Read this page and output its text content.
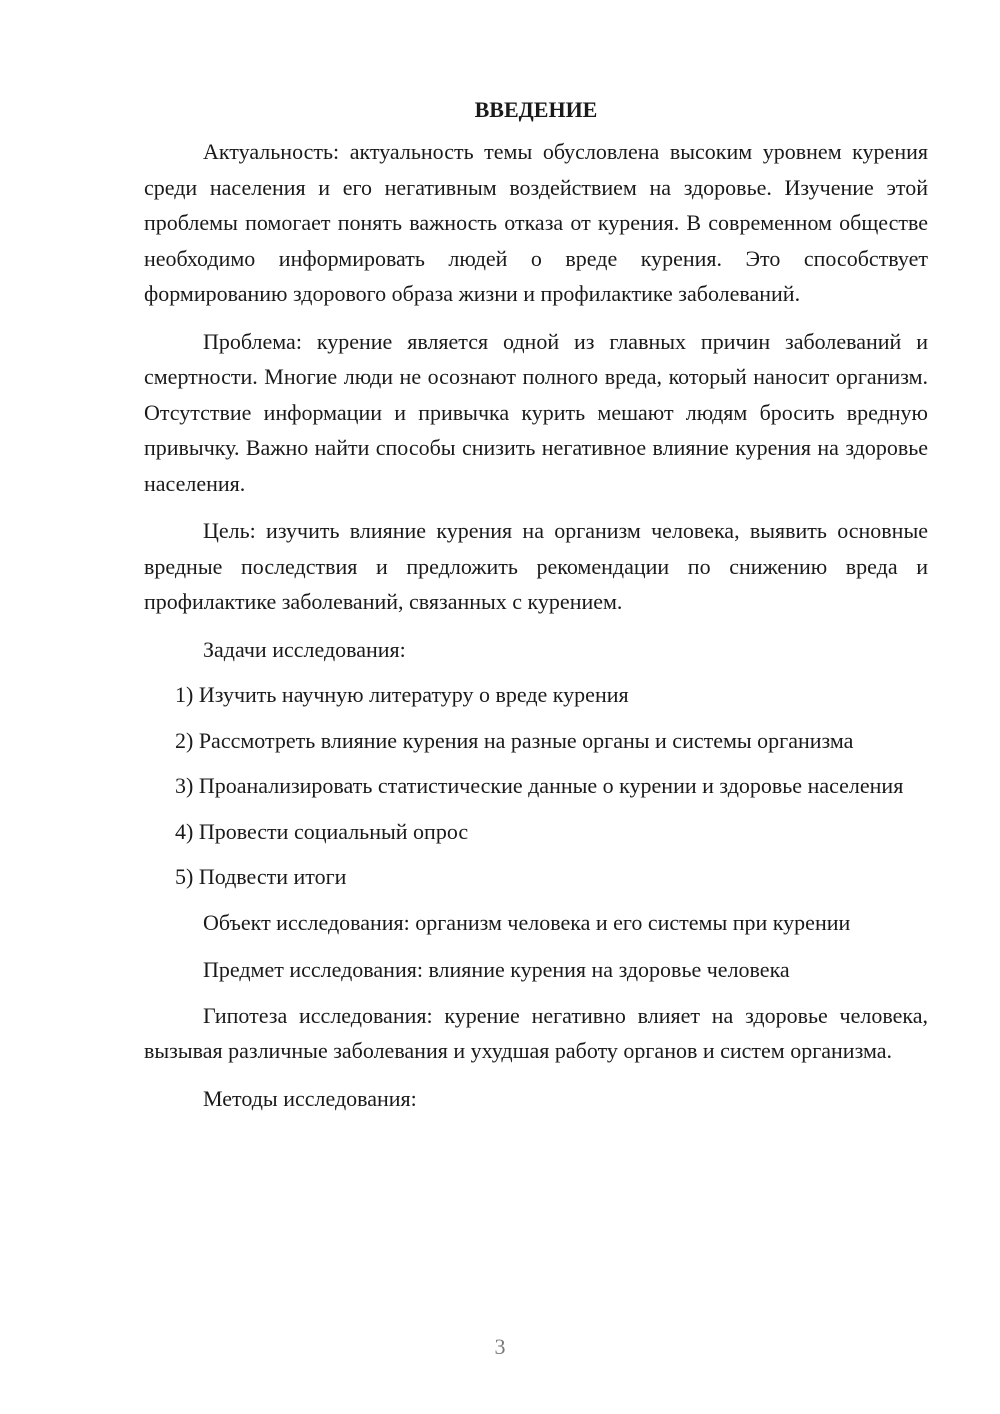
ВВЕДЕНИЕ

Актуальность: актуальность темы обусловлена высоким уровнем курения среди населения и его негативным воздействием на здоровье. Изучение этой проблемы помогает понять важность отказа от курения. В современном обществе необходимо информировать людей о вреде курения. Это способствует формированию здорового образа жизни и профилактике заболеваний.

Проблема: курение является одной из главных причин заболеваний и смертности. Многие люди не осознают полного вреда, который наносит организм. Отсутствие информации и привычка курить мешают людям бросить вредную привычку. Важно найти способы снизить негативное влияние курения на здоровье населения.

Цель: изучить влияние курения на организм человека, выявить основные вредные последствия и предложить рекомендации по снижению вреда и профилактике заболеваний, связанных с курением.

Задачи исследования:

1) Изучить научную литературу о вреде курения

2) Рассмотреть влияние курения на разные органы и системы организма

3) Проанализировать статистические данные о курении и здоровье населения

4) Провести социальный опрос

5) Подвести итоги

Объект исследования: организм человека и его системы при курении

Предмет исследования: влияние курения на здоровье человека

Гипотеза исследования: курение негативно влияет на здоровье человека, вызывая различные заболевания и ухудшая работу органов и систем организма.

Методы исследования:

3
